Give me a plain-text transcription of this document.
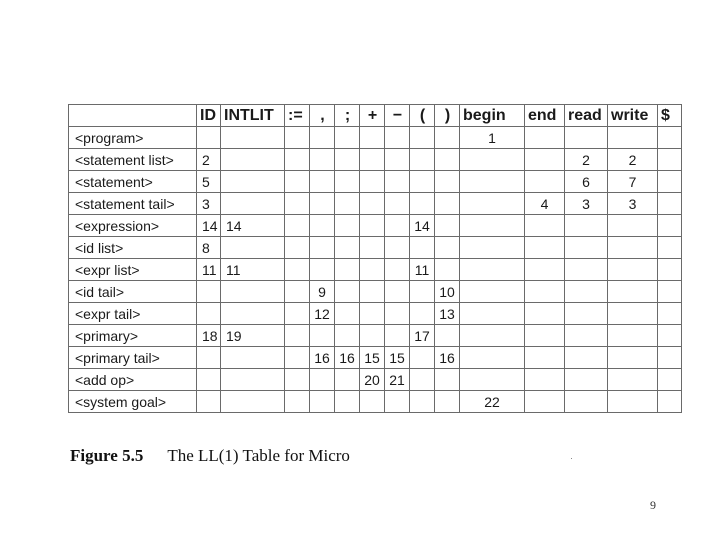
	ID	INTLIT	:=	,	;	+	−	(	)	begin	end	read	write	$
<program>										1				
<statement list>	2											2	2	
<statement>	5											6	7	
<statement tail>	3										4	3	3	
<expression>	14	14						14						
<id list>	8													
<expr list>	11	11						11						
<id tail>				9					10					
<expr tail>				12					13					
<primary>	18	19						17						
<primary tail>				16	16	15	15		16					
<add op>						20	21							
<system goal>										22				
Figure 5.5 The LL(1) Table for Micro
9
